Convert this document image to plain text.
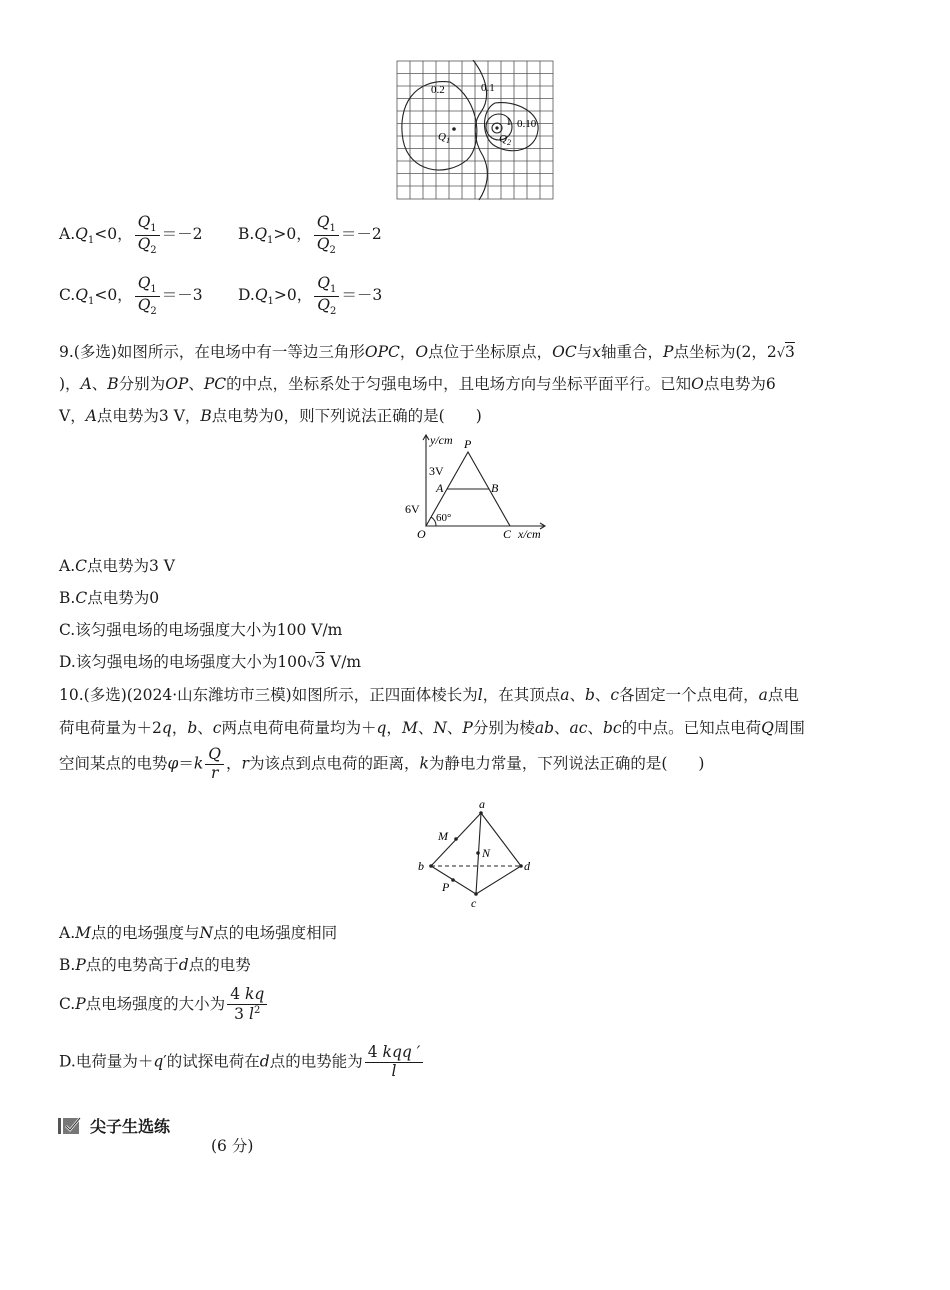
0.2	0.1
$Q_1$	$Q_2$
1 0.10
$A.Q_1<0$， $\frac{Q_1}{Q_2} =-2$ $B.Q_1>0$， $\frac{Q_1}{Q_2} =-2$
$C.Q_1<0$， $\frac{Q_1}{Q_2} =-3$ $D.Q_1>0$， $\frac{Q_1}{Q_2} =-3$
9.(多选)如图所示，在电场中有一等边三角形OPC，O点位于坐标原点，OC与x轴重合，P点坐标为(2，2√3
)，A、B分别为OP、PC的中点，坐标系处于匀强电场中，且电场方向与坐标平面平行。已知O点电势为6
V，A点电势为3 V，B点电势为0，则下列说法正确的是(　　)
y/cm P
3V
A	B
6V
60°
O	C x/cm
A.C点电势为3 V
B.C点电势为0
C.该匀强电场的电场强度大小为100 V/m
D.该匀强电场的电场强度大小为100√3 V/m
10.(多选)(2024·山东潍坊市三模)如图所示，正四面体棱长为l，在其顶点a、b、c各固定一个点电荷，a点电
荷电荷量为＋2q，b、c两点电荷电荷量均为＋q，M、N、P分别为棱ab、ac、bc的中点。已知点电荷Q周围
空间某点的电势$\varphi=k \frac{Q}{r}$ ，r为该点到点电荷的距离，k为静电力常量，下列说法正确的是(　　)
a
M
N
b	d
P
c
A.M点的电场强度与N点的电场强度相同
B.P点的电势高于d点的电势
C.P点电场强度的大小为 $\frac{4 kq}{3 l^2}$
D.电荷量为＋q′的试探电荷在d点的电势能为 $\frac{\text{4 kqq ′}}{l}$
尖子生选练
(6 分)
